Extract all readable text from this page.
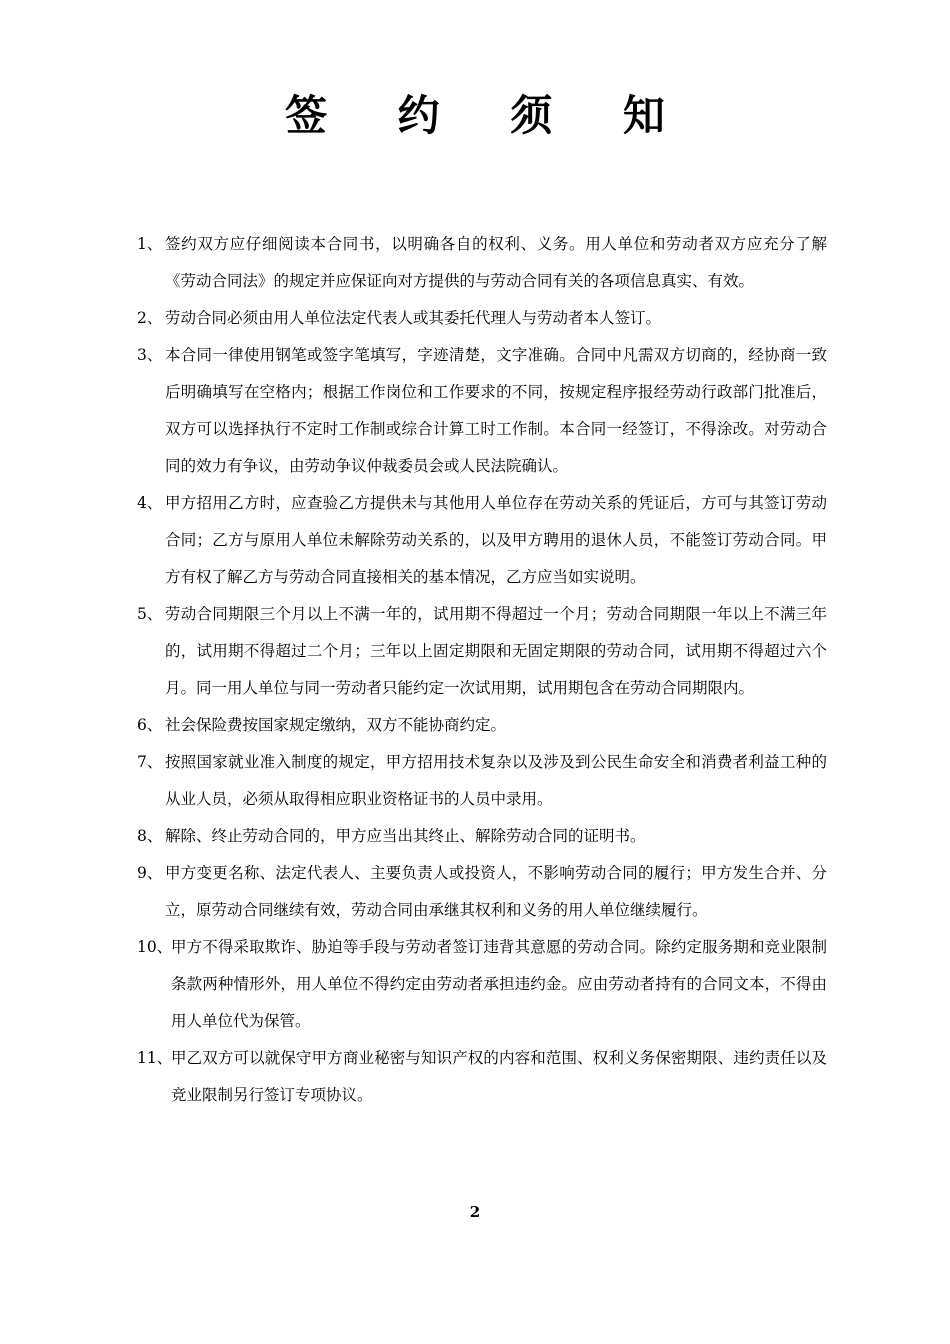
签 约 须 知
1、 签约双方应仔细阅读本合同书，以明确各自的权利、义务。用人单位和劳动者双方应充分了解《劳动合同法》的规定并应保证向对方提供的与劳动合同有关的各项信息真实、有效。
2、 劳动合同必须由用人单位法定代表人或其委托代理人与劳动者本人签订。
3、 本合同一律使用钢笔或签字笔填写，字迹清楚，文字准确。合同中凡需双方切商的，经协商一致后明确填写在空格内；根据工作岗位和工作要求的不同，按规定程序报经劳动行政部门批准后，双方可以选择执行不定时工作制或综合计算工时工作制。本合同一经签订，不得涂改。对劳动合同的效力有争议，由劳动争议仲裁委员会或人民法院确认。
4、 甲方招用乙方时，应查验乙方提供未与其他用人单位存在劳动关系的凭证后，方可与其签订劳动合同；乙方与原用人单位未解除劳动关系的，以及甲方聘用的退休人员，不能签订劳动合同。甲方有权了解乙方与劳动合同直接相关的基本情况，乙方应当如实说明。
5、 劳动合同期限三个月以上不满一年的，试用期不得超过一个月；劳动合同期限一年以上不满三年的，试用期不得超过二个月；三年以上固定期限和无固定期限的劳动合同，试用期不得超过六个月。同一用人单位与同一劳动者只能约定一次试用期，试用期包含在劳动合同期限内。
6、 社会保险费按国家规定缴纳，双方不能协商约定。
7、 按照国家就业准入制度的规定，甲方招用技术复杂以及涉及到公民生命安全和消费者利益工种的从业人员，必须从取得相应职业资格证书的人员中录用。
8、 解除、终止劳动合同的，甲方应当出其终止、解除劳动合同的证明书。
9、 甲方变更名称、法定代表人、主要负责人或投资人，不影响劳动合同的履行；甲方发生合并、分立，原劳动合同继续有效，劳动合同由承继其权利和义务的用人单位继续履行。
10、
甲方不得采取欺诈、胁迫等手段与劳动者签订违背其意愿的劳动合同。除约定服务期和竞业限制条款两种情形外，用人单位不得约定由劳动者承担违约金。应由劳动者持有的合同文本，不得由用人单位代为保管。
11、
甲乙双方可以就保守甲方商业秘密与知识产权的内容和范围、权利义务保密期限、违约责任以及竞业限制另行签订专项协议。
2
